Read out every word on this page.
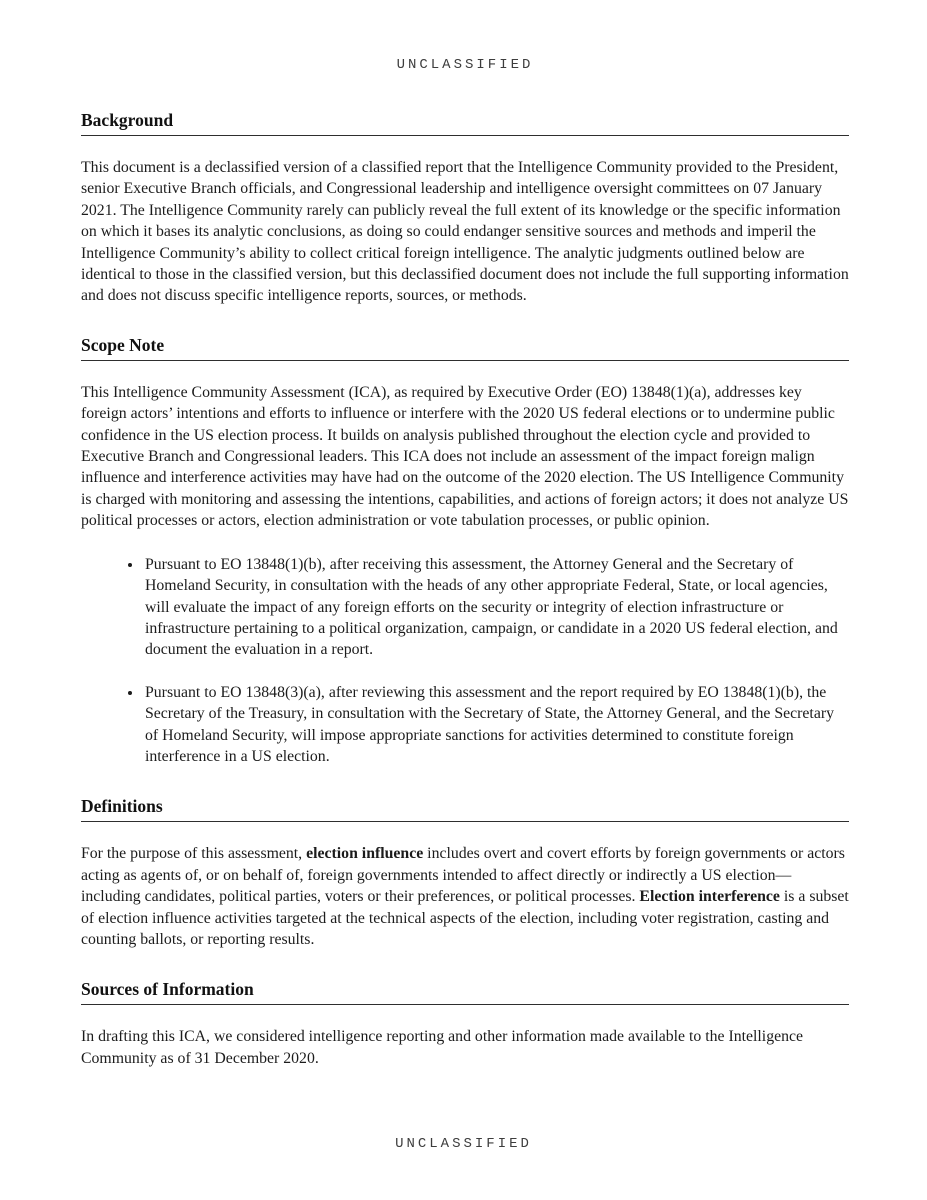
UNCLASSIFIED
Background

This document is a declassified version of a classified report that the Intelligence Community provided to the President, senior Executive Branch officials, and Congressional leadership and intelligence oversight committees on 07 January 2021. The Intelligence Community rarely can publicly reveal the full extent of its knowledge or the specific information on which it bases its analytic conclusions, as doing so could endanger sensitive sources and methods and imperil the Intelligence Community’s ability to collect critical foreign intelligence. The analytic judgments outlined below are identical to those in the classified version, but this declassified document does not include the full supporting information and does not discuss specific intelligence reports, sources, or methods.

Scope Note

This Intelligence Community Assessment (ICA), as required by Executive Order (EO) 13848(1)(a), addresses key foreign actors’ intentions and efforts to influence or interfere with the 2020 US federal elections or to undermine public confidence in the US election process. It builds on analysis published throughout the election cycle and provided to Executive Branch and Congressional leaders. This ICA does not include an assessment of the impact foreign malign influence and interference activities may have had on the outcome of the 2020 election. The US Intelligence Community is charged with monitoring and assessing the intentions, capabilities, and actions of foreign actors; it does not analyze US political processes or actors, election administration or vote tabulation processes, or public opinion.

• Pursuant to EO 13848(1)(b), after receiving this assessment, the Attorney General and the Secretary of Homeland Security, in consultation with the heads of any other appropriate Federal, State, or local agencies, will evaluate the impact of any foreign efforts on the security or integrity of election infrastructure or infrastructure pertaining to a political organization, campaign, or candidate in a 2020 US federal election, and document the evaluation in a report.
• Pursuant to EO 13848(3)(a), after reviewing this assessment and the report required by EO 13848(1)(b), the Secretary of the Treasury, in consultation with the Secretary of State, the Attorney General, and the Secretary of Homeland Security, will impose appropriate sanctions for activities determined to constitute foreign interference in a US election.
Definitions

For the purpose of this assessment, election influence includes overt and covert efforts by foreign governments or actors acting as agents of, or on behalf of, foreign governments intended to affect directly or indirectly a US election—including candidates, political parties, voters or their preferences, or political processes. Election interference is a subset of election influence activities targeted at the technical aspects of the election, including voter registration, casting and counting ballots, or reporting results.

Sources of Information

In drafting this ICA, we considered intelligence reporting and other information made available to the Intelligence Community as of 31 December 2020.

UNCLASSIFIED
